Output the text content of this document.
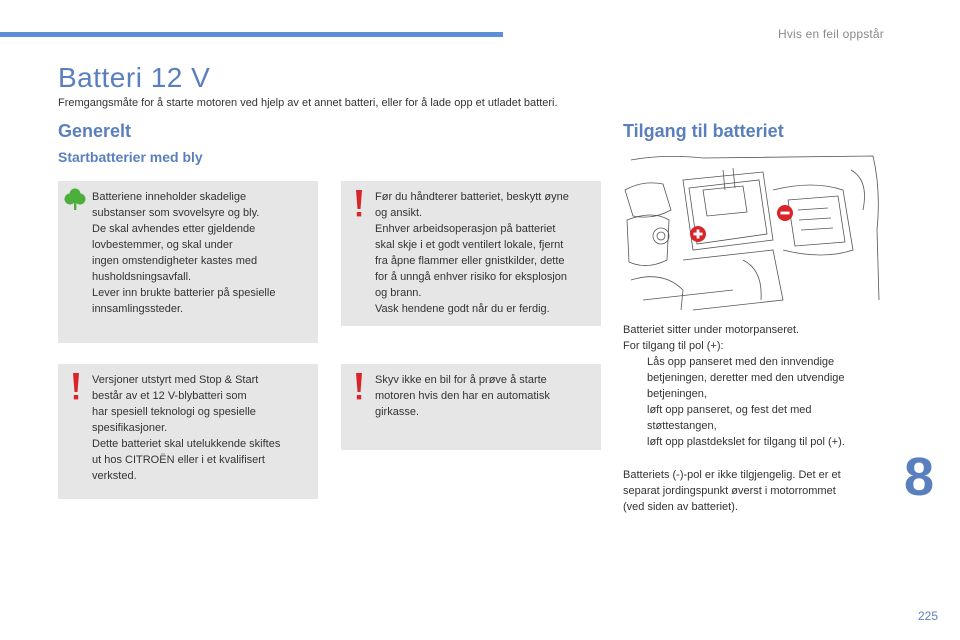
Hvis en feil oppstår
Batteri 12 V

Fremgangsmåte for å starte motoren ved hjelp av et annet batteri, eller for å lade opp et utladet batteri.

Generelt
Startbatterier med bly

Batteriene inneholder skadelige

substanser som svovelsyre og bly.

De skal avhendes etter gjeldende

lovbestemmer, og skal under

ingen omstendigheter kastes med

husholdsningsavfall.

Lever inn brukte batterier på spesielle

innsamlingssteder.

Før du håndterer batteriet, beskytt øyne

og ansikt.

Enhver arbeidsoperasjon på batteriet

skal skje i et godt ventilert lokale, fjernt

fra åpne flammer eller gnistkilder, dette

for å unngå enhver risiko for eksplosjon

og brann.

Vask hendene godt når du er ferdig.

Versjoner utstyrt med Stop & Start

består av et 12 V-blybatteri som

har spesiell teknologi og spesielle

spesifikasjoner.

Dette batteriet skal utelukkende skiftes

ut hos CITROËN eller i et kvalifisert

verksted.

Skyv ikke en bil for å prøve å starte

motoren hvis den har en automatisk

girkasse.

Tilgang til batteriet

Batteriet sitter under motorpanseret.

For tilgang til pol (+):

Lås opp panseret med den innvendige

betjeningen, deretter med den utvendige

betjeningen,

løft opp panseret, og fest det med

støttestangen,

løft opp plastdekslet for tilgang til pol (+).

Batteriets (-)-pol er ikke tilgjengelig. Det er et

separat jordingspunkt øverst i motorrommet

(ved siden av batteriet).	8
225
